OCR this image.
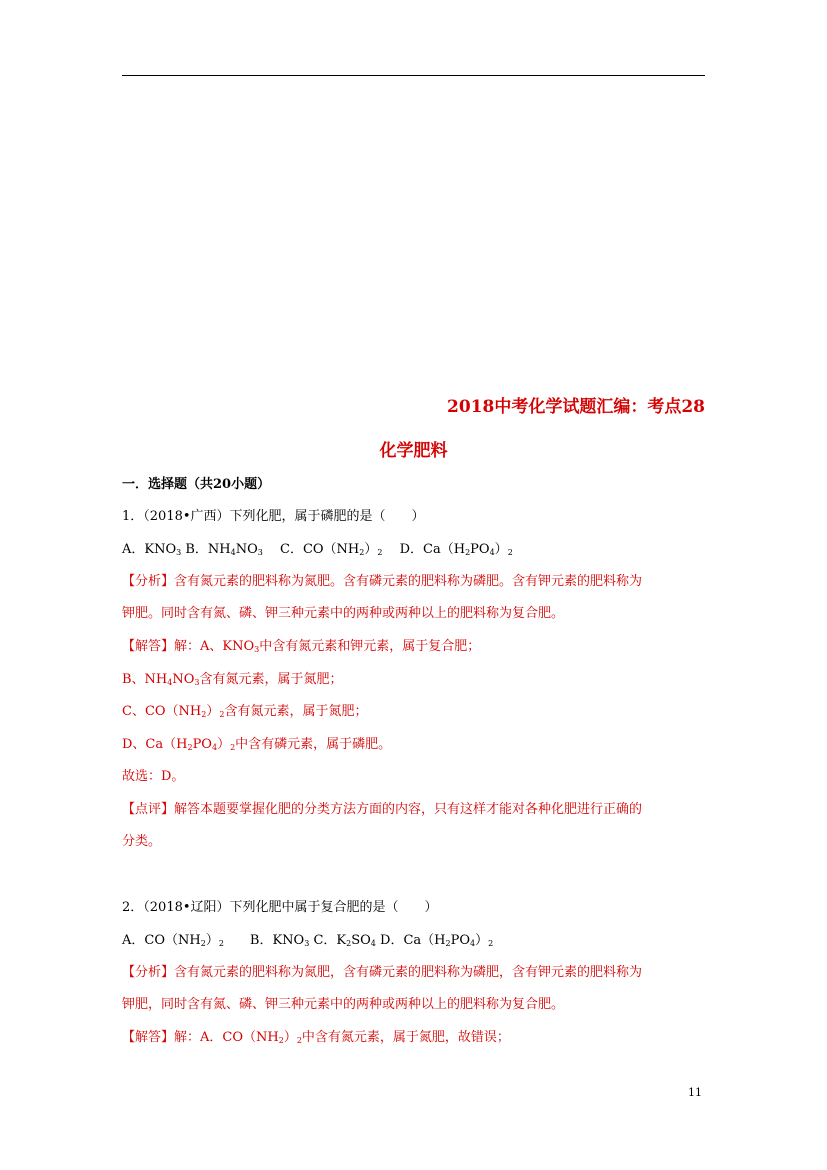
2018中考化学试题汇编：考点28
化学肥料
一．选择题（共20小题）
1．（2018•广西）下列化肥，属于磷肥的是（　　）
A．$KNO_3$ B．$NH_4NO_3$　 C．$CO(NH_2)_2$　 D．$Ca(H_2PO_4)_2$
【分析】含有氮元素的肥料称为氮肥。含有磷元素的肥料称为磷肥。含有钾元素的肥料称为
钾肥。同时含有氮、磷、钾三种元素中的两种或两种以上的肥料称为复合肥。
【解答】解：A、$KNO_3$中含有氮元素和钾元素，属于复合肥；
B、$NH_4NO_3$含有氮元素，属于氮肥；
C、$CO(NH_2)_2$含有氮元素，属于氮肥；
D、$Ca(H_2PO_4)_2$中含有磷元素，属于磷肥。
故选：D。
【点评】解答本题要掌握化肥的分类方法方面的内容，只有这样才能对各种化肥进行正确的
分类。
2．（2018•辽阳）下列化肥中属于复合肥的是（　　）
A．$CO(NH_2)_2$　　B．$KNO_3$ C．$K_2SO_4$ D．$Ca(H_2PO_4)_2$
【分析】含有氮元素的肥料称为氮肥，含有磷元素的肥料称为磷肥，含有钾元素的肥料称为
钾肥，同时含有氮、磷、钾三种元素中的两种或两种以上的肥料称为复合肥。
【解答】解：A．$CO(NH_2)_2$中含有氮元素，属于氮肥，故错误；
11
